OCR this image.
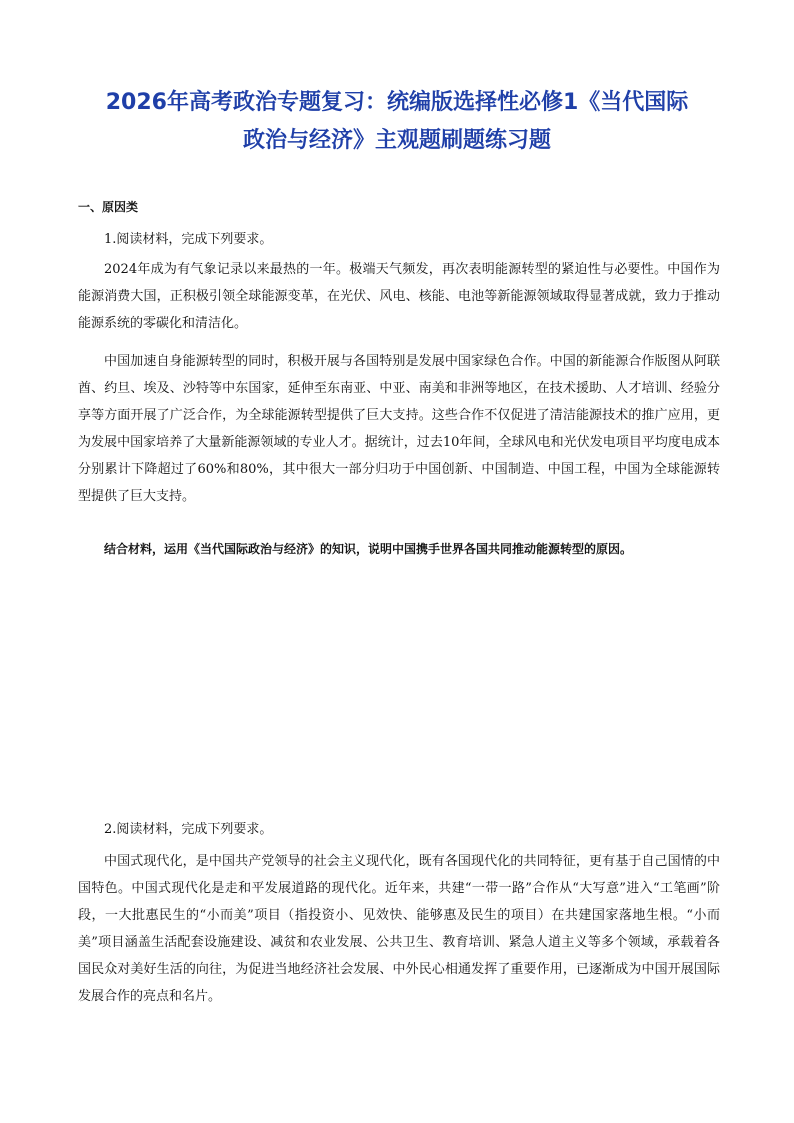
2026年高考政治专题复习：统编版选择性必修1《当代国际
政治与经济》主观题刷题练习题
一、原因类
1.阅读材料，完成下列要求。

2024年成为有气象记录以来最热的一年。极端天气频发，再次表明能源转型的紧迫性与必要性。中国作为能源消费大国，正积极引领全球能源变革，在光伏、风电、核能、电池等新能源领域取得显著成就，致力于推动能源系统的零碳化和清洁化。

中国加速自身能源转型的同时，积极开展与各国特别是发展中国家绿色合作。中国的新能源合作版图从阿联酋、约旦、埃及、沙特等中东国家，延伸至东南亚、中亚、南美和非洲等地区，在技术援助、人才培训、经验分享等方面开展了广泛合作，为全球能源转型提供了巨大支持。这些合作不仅促进了清洁能源技术的推广应用，更为发展中国家培养了大量新能源领域的专业人才。据统计，过去10年间，全球风电和光伏发电项目平均度电成本分别累计下降超过了60%和80%，其中很大一部分归功于中国创新、中国制造、中国工程，中国为全球能源转型提供了巨大支持。

结合材料，运用《当代国际政治与经济》的知识，说明中国携手世界各国共同推动能源转型的原因。

2.阅读材料，完成下列要求。

中国式现代化，是中国共产党领导的社会主义现代化，既有各国现代化的共同特征，更有基于自己国情的中国特色。中国式现代化是走和平发展道路的现代化。近年来，共建“一带一路”合作从“大写意”进入“工笔画”阶段，一大批惠民生的“小而美”项目（指投资小、见效快、能够惠及民生的项目）在共建国家落地生根。“小而美”项目涵盖生活配套设施建设、减贫和农业发展、公共卫生、教育培训、紧急人道主义等多个领域，承载着各国民众对美好生活的向往，为促进当地经济社会发展、中外民心相通发挥了重要作用，已逐渐成为中国开展国际发展合作的亮点和名片。
